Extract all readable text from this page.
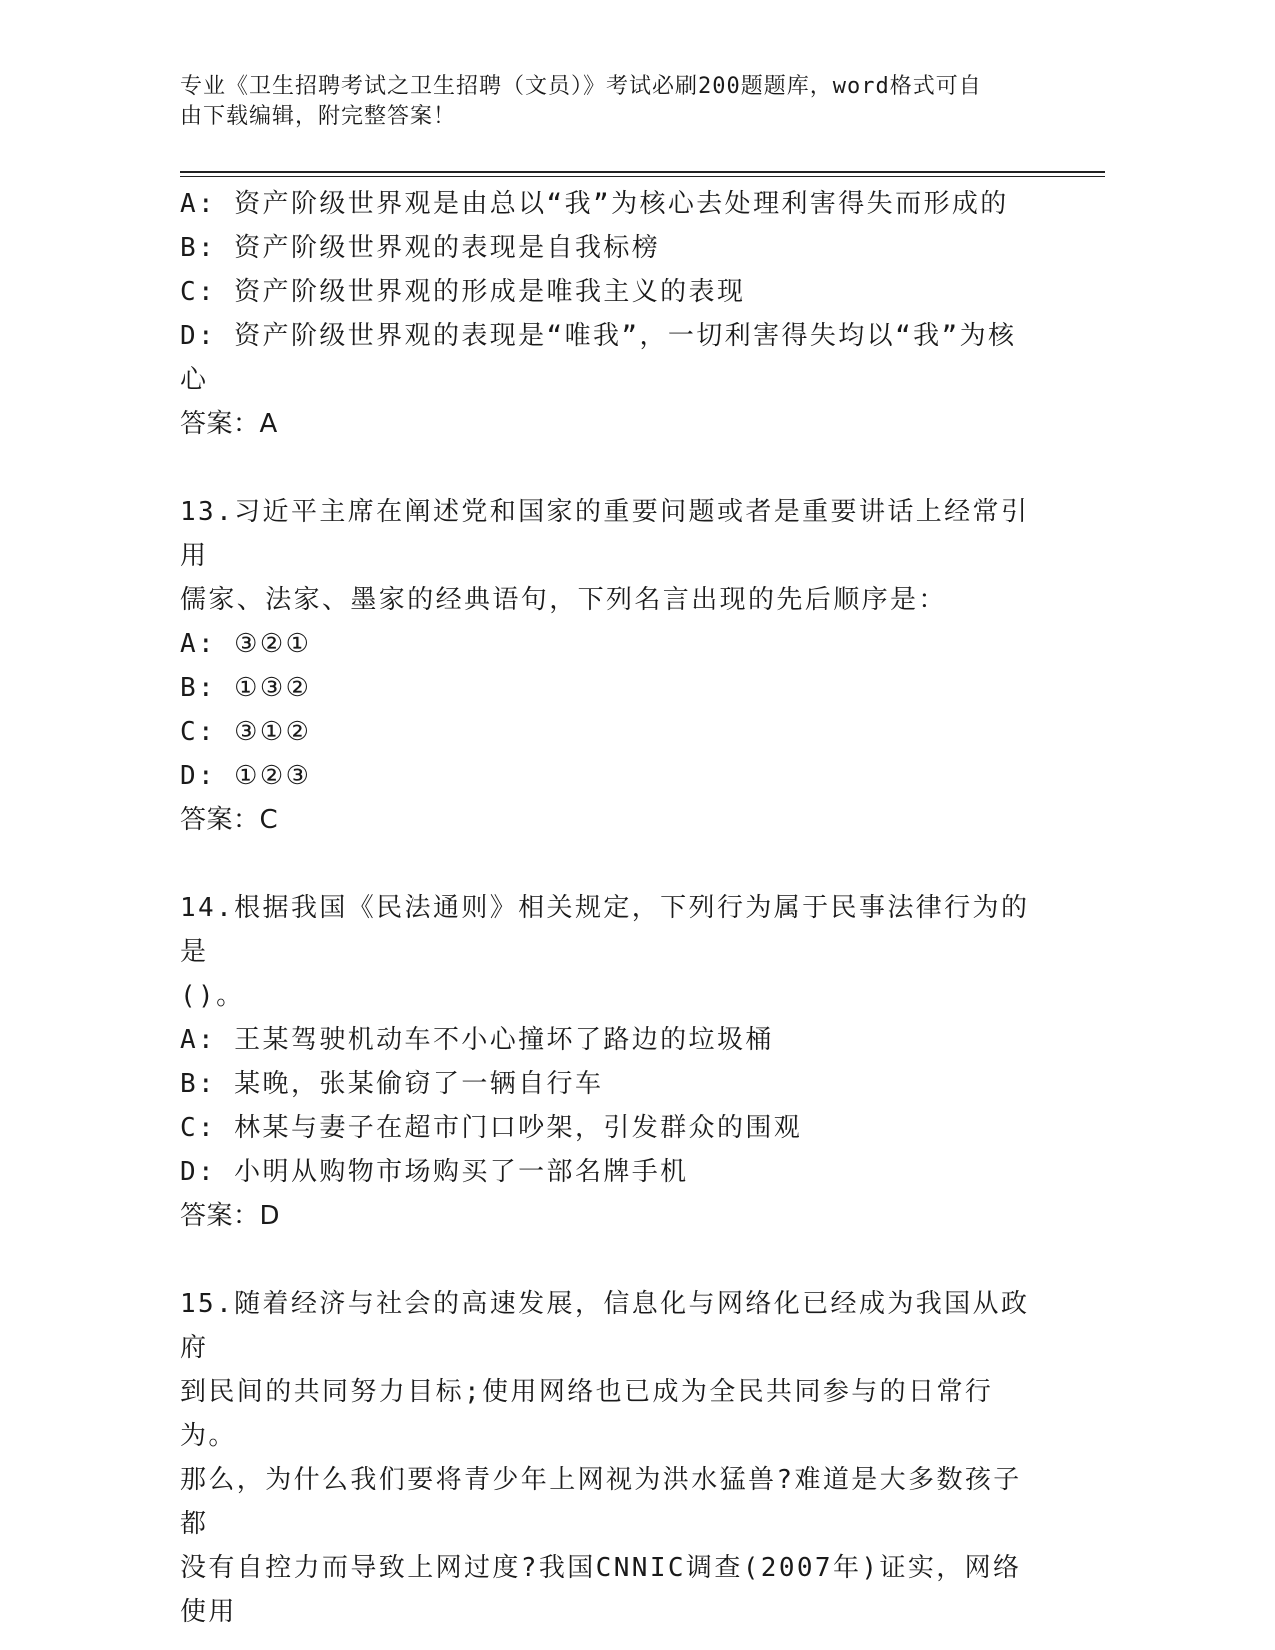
专业《卫生招聘考试之卫生招聘（文员）》考试必刷200题题库，word格式可自
由下载编辑，附完整答案！
A: 资产阶级世界观是由总以“我”为核心去处理利害得失而形成的
B: 资产阶级世界观的表现是自我标榜
C: 资产阶级世界观的形成是唯我主义的表现
D: 资产阶级世界观的表现是“唯我”，一切利害得失均以“我”为核
心
答案：A
13.习近平主席在阐述党和国家的重要问题或者是重要讲话上经常引用
儒家、法家、墨家的经典语句，下列名言出现的先后顺序是：
A: ③②①
B: ①③②
C: ③①②
D: ①②③
答案：C
14.根据我国《民法通则》相关规定，下列行为属于民事法律行为的是
()。
A: 王某驾驶机动车不小心撞坏了路边的垃圾桶
B: 某晚，张某偷窃了一辆自行车
C: 林某与妻子在超市门口吵架，引发群众的围观
D: 小明从购物市场购买了一部名牌手机
答案：D
15.随着经济与社会的高速发展，信息化与网络化已经成为我国从政府
到民间的共同努力目标;使用网络也已成为全民共同参与的日常行为。
那么，为什么我们要将青少年上网视为洪水猛兽?难道是大多数孩子都
没有自控力而导致上网过度?我国CNNIC调查(2007年)证实，网络使用
